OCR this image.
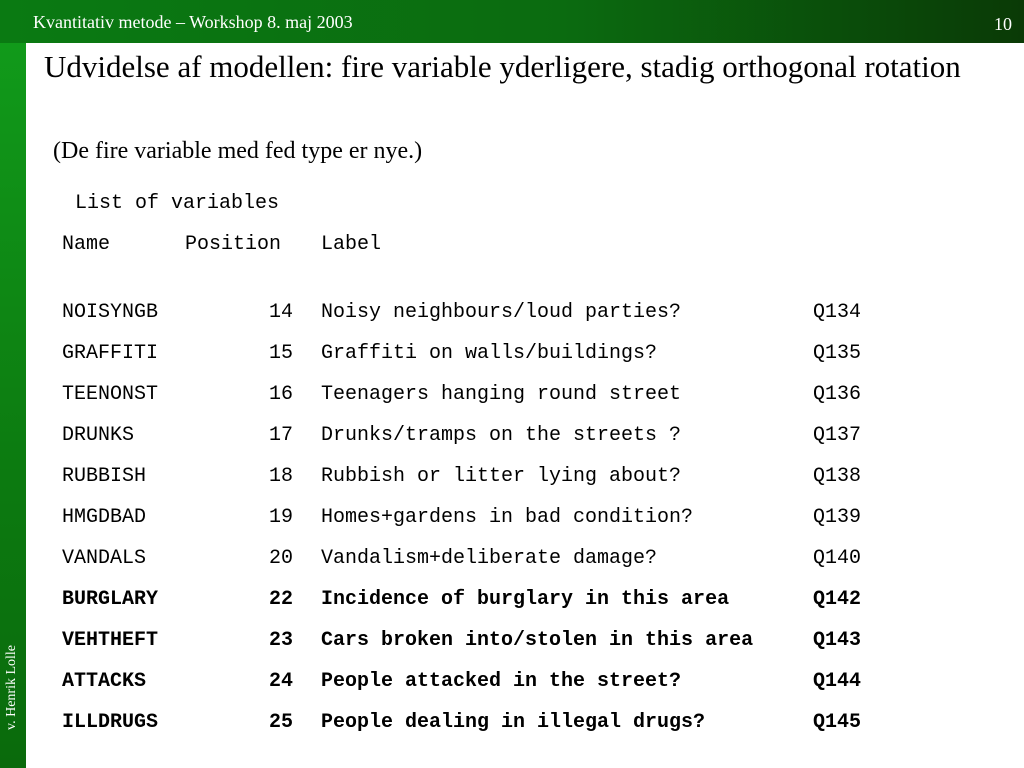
Kvantitativ metode – Workshop 8. maj 2003	10
v. Henrik Lolle
Udvidelse af modellen: fire variable yderligere, stadig orthogonal rotation
(De fire variable med fed type er nye.)
List of variables
Name	Position Label
NOISYNGB	14 Noisy neighbours/loud parties?	Q134
GRAFFITI	15 Graffiti on walls/buildings?	Q135
TEENONST	16 Teenagers hanging round street	Q136
DRUNKS	17 Drunks/tramps on the streets ?	Q137
RUBBISH	18 Rubbish or litter lying about?	Q138
HMGDBAD	19 Homes+gardens in bad condition?	Q139
VANDALS	20 Vandalism+deliberate damage?	Q140
BURGLARY	22 Incidence of burglary in this area	Q142
VEHTHEFT	23 Cars broken into/stolen in this area	Q143
ATTACKS	24 People attacked in the street?	Q144
ILLDRUGS	25 People dealing in illegal drugs?	Q145
